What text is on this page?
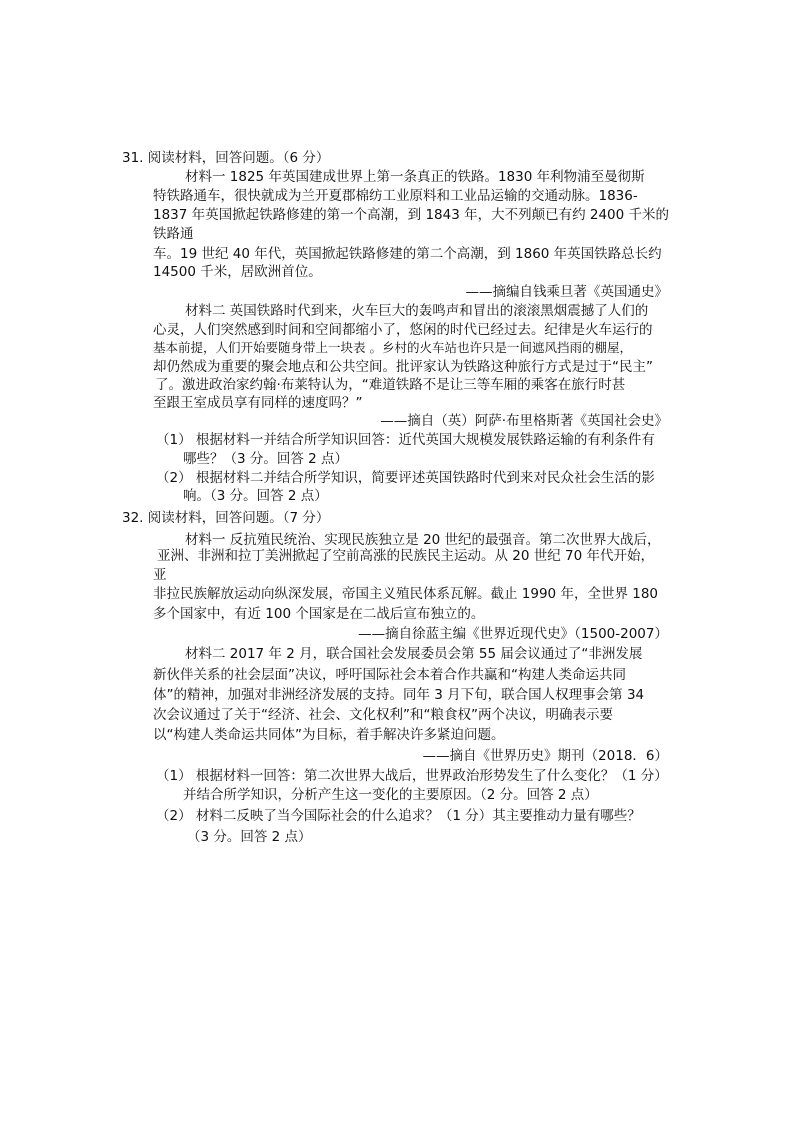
31. 阅读材料，回答问题。（6 分）
材料一 1825 年英国建成世界上第一条真正的铁路。1830 年利物浦至曼彻斯
特铁路通车，很快就成为兰开夏郡棉纺工业原料和工业品运输的交通动脉。1836-
1837 年英国掀起铁路修建的第一个高潮，到 1843 年，大不列颠已有约 2400 千米的
铁路通
车。19 世纪 40 年代，英国掀起铁路修建的第二个高潮，到 1860 年英国铁路总长约
14500 千米，居欧洲首位。
——摘编自钱乘旦著《英国通史》
材料二 英国铁路时代到来，火车巨大的轰鸣声和冒出的滚滚黑烟震撼了人们的
心灵，人们突然感到时间和空间都缩小了，悠闲的时代已经过去。纪律是火车运行的
基本前提，人们开始要随身带上一块表 。乡村的火车站也许只是一间遮风挡雨的棚屋，
却仍然成为重要的聚会地点和公共空间。批评家认为铁路这种旅行方式是过于“民主”
了。激进政治家约翰·布莱特认为，“难道铁路不是让三等车厢的乘客在旅行时甚
至跟王室成员享有同样的速度吗？”
——摘自（英）阿萨·布里格斯著《英国社会史》
（1） 根据材料一并结合所学知识回答：近代英国大规模发展铁路运输的有利条件有
哪些？（3 分。回答 2 点）
（2） 根据材料二并结合所学知识，简要评述英国铁路时代到来对民众社会生活的影
响。（3 分。回答 2 点）
32. 阅读材料，回答问题。（7 分）
材料一 反抗殖民统治、实现民族独立是 20 世纪的最强音。第二次世界大战后，
亚洲、非洲和拉丁美洲掀起了空前高涨的民族民主运动。从 20 世纪 70 年代开始，
亚
非拉民族解放运动向纵深发展，帝国主义殖民体系瓦解。截止 1990 年，全世界 180
多个国家中，有近 100 个国家是在二战后宣布独立的。
——摘自徐蓝主编《世界近现代史》（1500-2007）
材料二 2017 年 2 月，联合国社会发展委员会第 55 届会议通过了“非洲发展
新伙伴关系的社会层面”决议，呼吁国际社会本着合作共赢和“构建人类命运共同
体”的精神，加强对非洲经济发展的支持。同年 3 月下旬，联合国人权理事会第 34
次会议通过了关于“经济、社会、文化权利”和“粮食权”两个决议，明确表示要
以“构建人类命运共同体”为目标，着手解决许多紧迫问题。
——摘自《世界历史》期刊（2018．6）
（1） 根据材料一回答：第二次世界大战后，世界政治形势发生了什么变化？（1 分）
并结合所学知识，分析产生这一变化的主要原因。（2 分。回答 2 点）
（2） 材料二反映了当今国际社会的什么追求？（1 分）其主要推动力量有哪些？
（3 分。回答 2 点）
